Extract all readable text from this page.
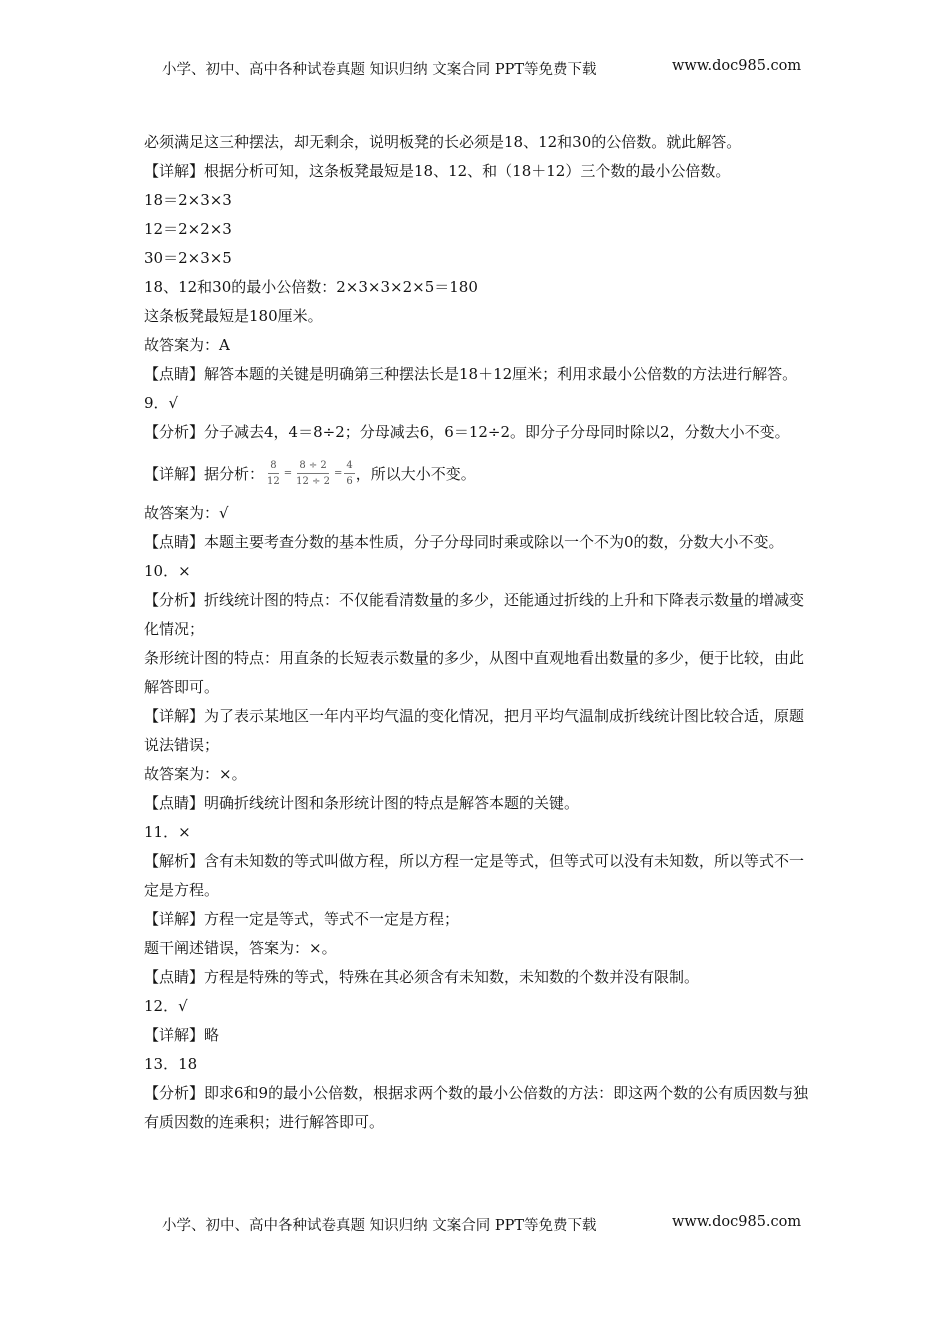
小学、初中、高中各种试卷真题 知识归纳 文案合同 PPT等免费下载	www.doc985.com
必须满足这三种摆法，却无剩余，说明板凳的长必须是18、12和30的公倍数。就此解答。
【详解】根据分析可知，这条板凳最短是18、12、和（18＋12）三个数的最小公倍数。
18＝2×3×3
12＝2×2×3
30＝2×3×5
18、12和30的最小公倍数：2×3×3×2×5＝180
这条板凳最短是180厘米。
故答案为：A
【点睛】解答本题的关键是明确第三种摆法长是18＋12厘米；利用求最小公倍数的方法进行解答。
9．√
【分析】分子减去4，4＝8÷2；分母减去6，6＝12÷2。即分子分母同时除以2，分数大小不变。
【详解】据分析： $\frac{8}{12} = \frac{8 \div 2}{12 \div 2} = \frac{4}{6}$ ，所以大小不变。
故答案为：√
【点睛】本题主要考查分数的基本性质，分子分母同时乘或除以一个不为0的数，分数大小不变。
10．×
【分析】折线统计图的特点：不仅能看清数量的多少，还能通过折线的上升和下降表示数量的增减变化情况；
条形统计图的特点：用直条的长短表示数量的多少，从图中直观地看出数量的多少，便于比较，由此解答即可。
【详解】为了表示某地区一年内平均气温的变化情况，把月平均气温制成折线统计图比较合适，原题说法错误；
故答案为：×。
【点睛】明确折线统计图和条形统计图的特点是解答本题的关键。
11．×
【解析】含有未知数的等式叫做方程，所以方程一定是等式，但等式可以没有未知数，所以等式不一定是方程。
【详解】方程一定是等式，等式不一定是方程；
题干阐述错误，答案为：×。
【点睛】方程是特殊的等式，特殊在其必须含有未知数，未知数的个数并没有限制。
12．√
【详解】略
13．18
【分析】即求6和9的最小公倍数，根据求两个数的最小公倍数的方法：即这两个数的公有质因数与独有质因数的连乘积；进行解答即可。
小学、初中、高中各种试卷真题 知识归纳 文案合同 PPT等免费下载	www.doc985.com
